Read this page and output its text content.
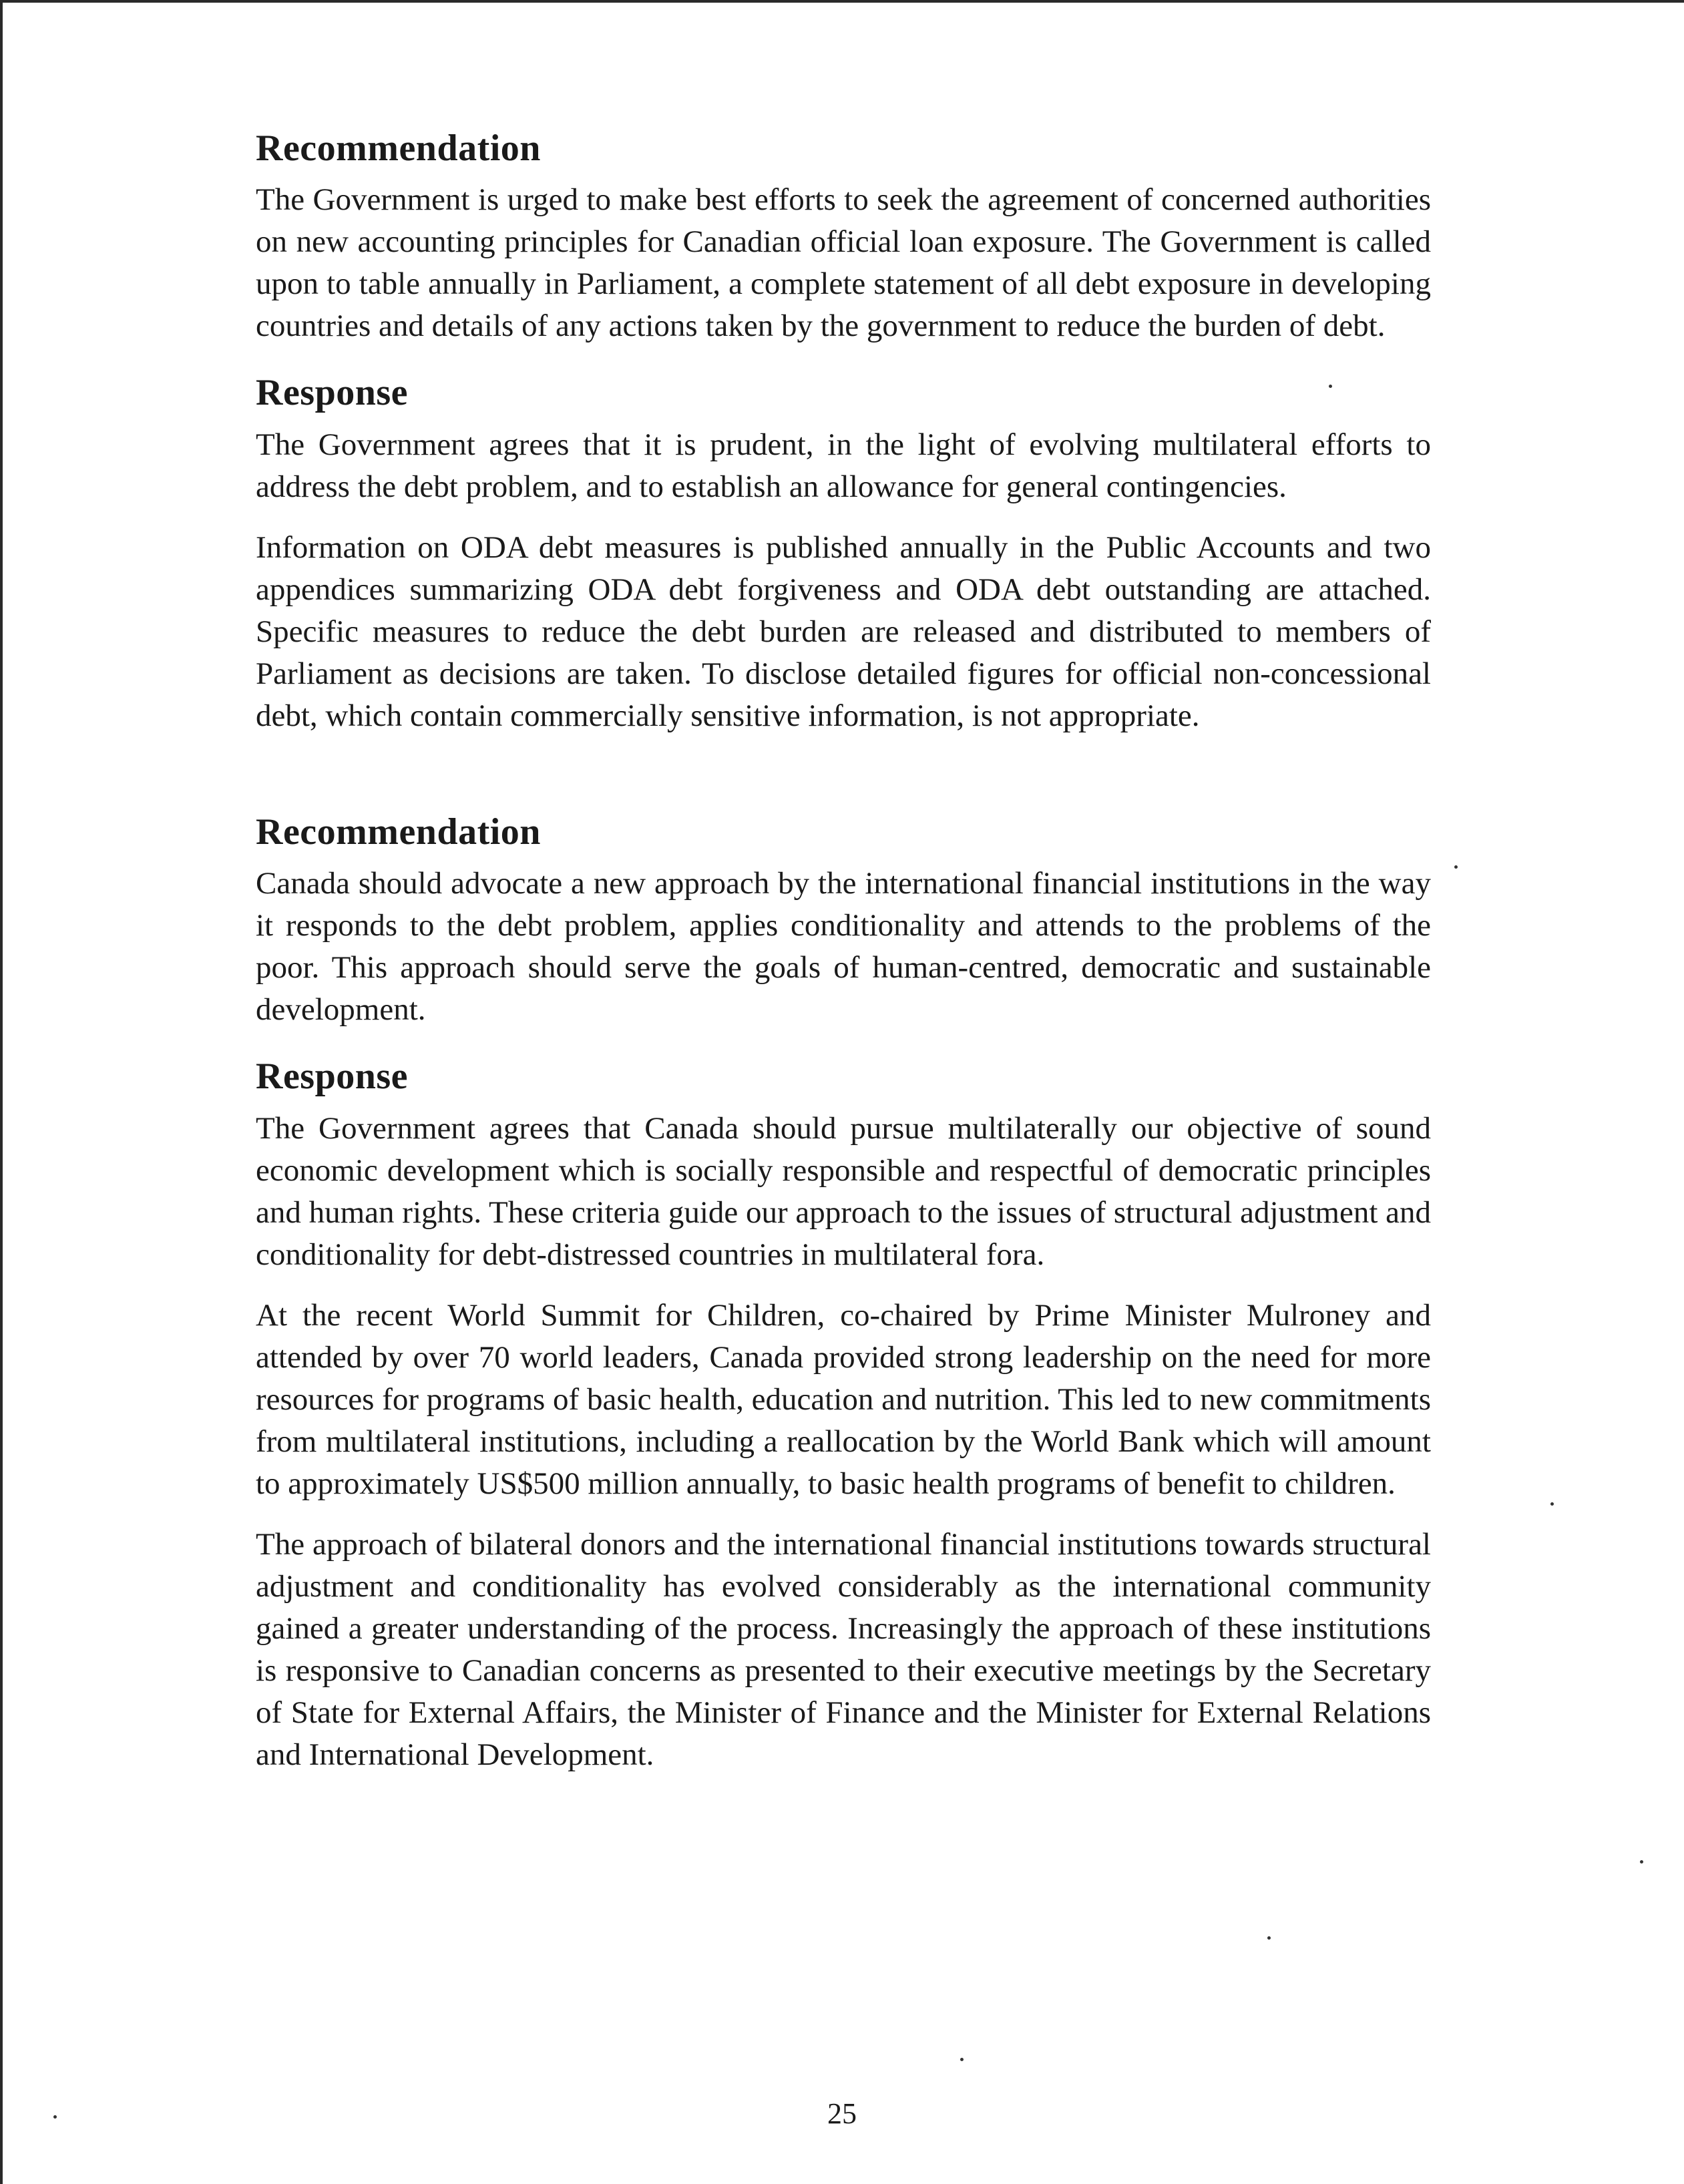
Recommendation

The Government is urged to make best efforts to seek the agreement of concerned authorities on new accounting principles for Canadian official loan exposure. The Government is called upon to table annually in Parliament, a complete statement of all debt exposure in developing countries and details of any actions taken by the government to reduce the burden of debt.

Response

The Government agrees that it is prudent, in the light of evolving multilateral efforts to address the debt problem, and to establish an allowance for general contingencies.

Information on ODA debt measures is published annually in the Public Accounts and two appendices summarizing ODA debt forgiveness and ODA debt outstanding are attached. Specific measures to reduce the debt burden are released and distributed to members of Parliament as decisions are taken. To disclose detailed figures for official non-concessional debt, which contain commercially sensitive information, is not appropriate.

Recommendation

Canada should advocate a new approach by the international financial institutions in the way it responds to the debt problem, applies conditionality and attends to the problems of the poor. This approach should serve the goals of human-centred, democratic and sustainable development.

Response

The Government agrees that Canada should pursue multilaterally our objective of sound economic development which is socially responsible and respectful of democratic principles and human rights. These criteria guide our approach to the issues of structural adjustment and conditionality for debt-distressed countries in multilateral fora.

At the recent World Summit for Children, co-chaired by Prime Minister Mulroney and attended by over 70 world leaders, Canada provided strong leadership on the need for more resources for programs of basic health, education and nutrition. This led to new commitments from multilateral institutions, including a reallocation by the World Bank which will amount to approximately US$500 million annually, to basic health programs of benefit to children.

The approach of bilateral donors and the international financial institutions towards structural adjustment and conditionality has evolved considerably as the international community gained a greater understanding of the process. Increasingly the approach of these institutions is responsive to Canadian concerns as presented to their executive meetings by the Secretary of State for External Affairs, the Minister of Finance and the Minister for External Relations and International Development.

25
